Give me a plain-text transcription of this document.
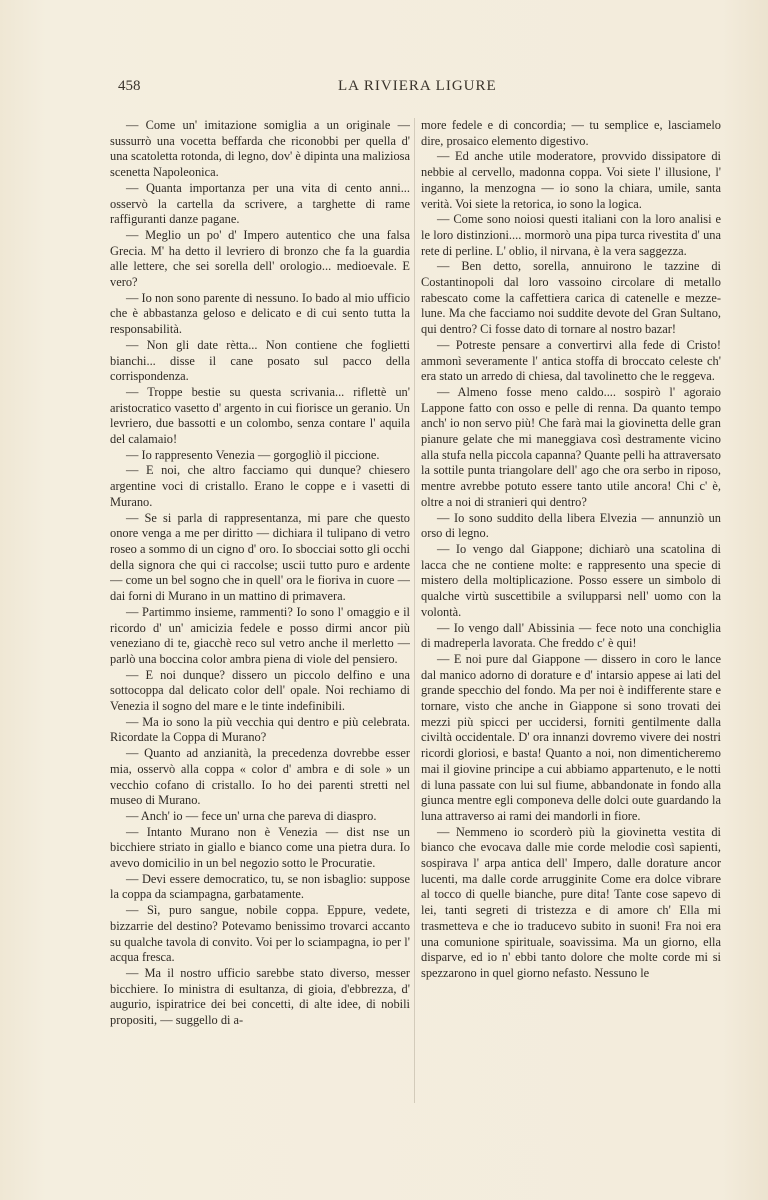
458	LA RIVIERA LIGURE

— Come un' imitazione somiglia a un originale — sussurrò una vocetta beffarda che riconobbi per quella d' una scatoletta rotonda, di legno, dov' è dipinta una maliziosa scenetta Napoleonica.

— Quanta importanza per una vita di cento anni... osservò la cartella da scrivere, a targhette di rame raffiguranti danze pagane.

— Meglio un po' d' Impero autentico che una falsa Grecia. M' ha detto il levriero di bronzo che fa la guardia alle lettere, che sei sorella dell' orologio... medioevale. E vero?

— Io non sono parente di nessuno. Io bado al mio ufficio che è abbastanza geloso e delicato e di cui sento tutta la responsabilità.

— Non gli date rètta... Non contiene che foglietti bianchi... disse il cane posato sul pacco della corrispondenza.

— Troppe bestie su questa scrivania... riflettè un' aristocratico vasetto d' argento in cui fiorisce un geranio. Un levriero, due bassotti e un colombo, senza contare l' aquila del calamaio!

— Io rappresento Venezia — gorgogliò il piccione.

— E noi, che altro facciamo qui dunque? chiesero argentine voci di cristallo. Erano le coppe e i vasetti di Murano.

— Se si parla di rappresentanza, mi pare che questo onore venga a me per diritto — dichiara il tulipano di vetro roseo a sommo di un cigno d' oro. Io sbocciai sotto gli occhi della signora che qui ci raccolse; uscii tutto puro e ardente — come un bel sogno che in quell' ora le fioriva in cuore — dai forni di Murano in un mattino di primavera.

— Partimmo insieme, rammenti? Io sono l' omaggio e il ricordo d' un' amicizia fedele e posso dirmi ancor più veneziano di te, giacchè reco sul vetro anche il merletto — parlò una boccina color ambra piena di viole del pensiero.

— E noi dunque? dissero un piccolo delfino e una sottocoppa dal delicato color dell' opale. Noi rechiamo di Venezia il sogno del mare e le tinte indefinibili.

— Ma io sono la più vecchia qui dentro e più celebrata. Ricordate la Coppa di Murano?

— Quanto ad anzianità, la precedenza dovrebbe esser mia, osservò alla coppa « color d' ambra e di sole » un vecchio cofano di cristallo. Io ho dei parenti stretti nel museo di Murano.

— Anch' io — fece un' urna che pareva di diaspro.

— Intanto Murano non è Venezia — dist nse un bicchiere striato in giallo e bianco come una pietra dura. Io avevo domicilio in un bel negozio sotto le Procuratie.

— Devi essere democratico, tu, se non isbaglio: suppose la coppa da sciampagna, garbatamente.

— Sì, puro sangue, nobile coppa. Eppure, vedete, bizzarrie del destino? Potevamo benissimo trovarci accanto su qualche tavola di convito. Voi per lo sciampagna, io per l' acqua fresca.

— Ma il nostro ufficio sarebbe stato diverso, messer bicchiere. Io ministra di esultanza, di gioia, d'ebbrezza, d' augurio, ispiratrice dei bei concetti, di alte idee, di nobili propositi, — suggello di a-

more fedele e di concordia; — tu semplice e, lasciamelo dire, prosaico elemento digestivo.

— Ed anche utile moderatore, provvido dissipatore di nebbie al cervello, madonna coppa. Voi siete l' illusione, l' inganno, la menzogna — io sono la chiara, umile, santa verità. Voi siete la retorica, io sono la logica.

— Come sono noiosi questi italiani con la loro analisi e le loro distinzioni.... mormorò una pipa turca rivestita d' una rete di perline. L' oblio, il nirvana, è la vera saggezza.

— Ben detto, sorella, annuirono le tazzine di Costantinopoli dal loro vassoino circolare di metallo rabescato come la caffettiera carica di catenelle e mezze-lune. Ma che facciamo noi suddite devote del Gran Sultano, qui dentro? Ci fosse dato di tornare al nostro bazar!

— Potreste pensare a convertirvi alla fede di Cristo! ammonì severamente l' antica stoffa di broccato celeste ch' era stato un arredo di chiesa, dal tavolinetto che le reggeva.

— Almeno fosse meno caldo.... sospirò l' agoraio Lappone fatto con osso e pelle di renna. Da quanto tempo anch' io non servo più! Che farà mai la giovinetta delle gran pianure gelate che mi maneggiava così destramente vicino alla stufa nella piccola capanna? Quante pelli ha attraversato la sottile punta triangolare dell' ago che ora serbo in riposo, mentre avrebbe potuto essere tanto utile ancora! Chi c' è, oltre a noi di stranieri qui dentro?

— Io sono suddito della libera Elvezia — annunziò un orso di legno.

— Io vengo dal Giappone; dichiarò una scatolina di lacca che ne contiene molte: e rappresento una specie di mistero della moltiplicazione. Posso essere un simbolo di qualche virtù suscettibile a svilupparsi nell' uomo con la volontà.

— Io vengo dall' Abissinia — fece noto una conchiglia di madreperla lavorata. Che freddo c' è qui!

— E noi pure dal Giappone — dissero in coro le lance dal manico adorno di dorature e d' intarsio appese ai lati del grande specchio del fondo. Ma per noi è indifferente stare e tornare, visto che anche in Giappone si sono trovati dei mezzi più spicci per uccidersi, forniti gentilmente dalla civiltà occidentale. D' ora innanzi dovremo vivere dei nostri ricordi gloriosi, e basta! Quanto a noi, non dimenticheremo mai il giovine principe a cui abbiamo appartenuto, e le notti di luna passate con lui sul fiume, abbandonate in fondo alla giunca mentre egli componeva delle dolci oute guardando la luna attraverso ai rami dei mandorli in fiore.

— Nemmeno io scorderò più la giovinetta vestita di bianco che evocava dalle mie corde melodie così sapienti, sospirava l' arpa antica dell' Impero, dalle dorature ancor lucenti, ma dalle corde arrugginite Come era dolce vibrare al tocco di quelle bianche, pure dita! Tante cose sapevo di lei, tanti segreti di tristezza e di amore ch' Ella mi trasmetteva e che io traducevo subito in suoni! Fra noi era una comunione spirituale, soavissima. Ma un giorno, ella disparve, ed io n' ebbi tanto dolore che molte corde mi si spezzarono in quel giorno nefasto. Nessuno le
